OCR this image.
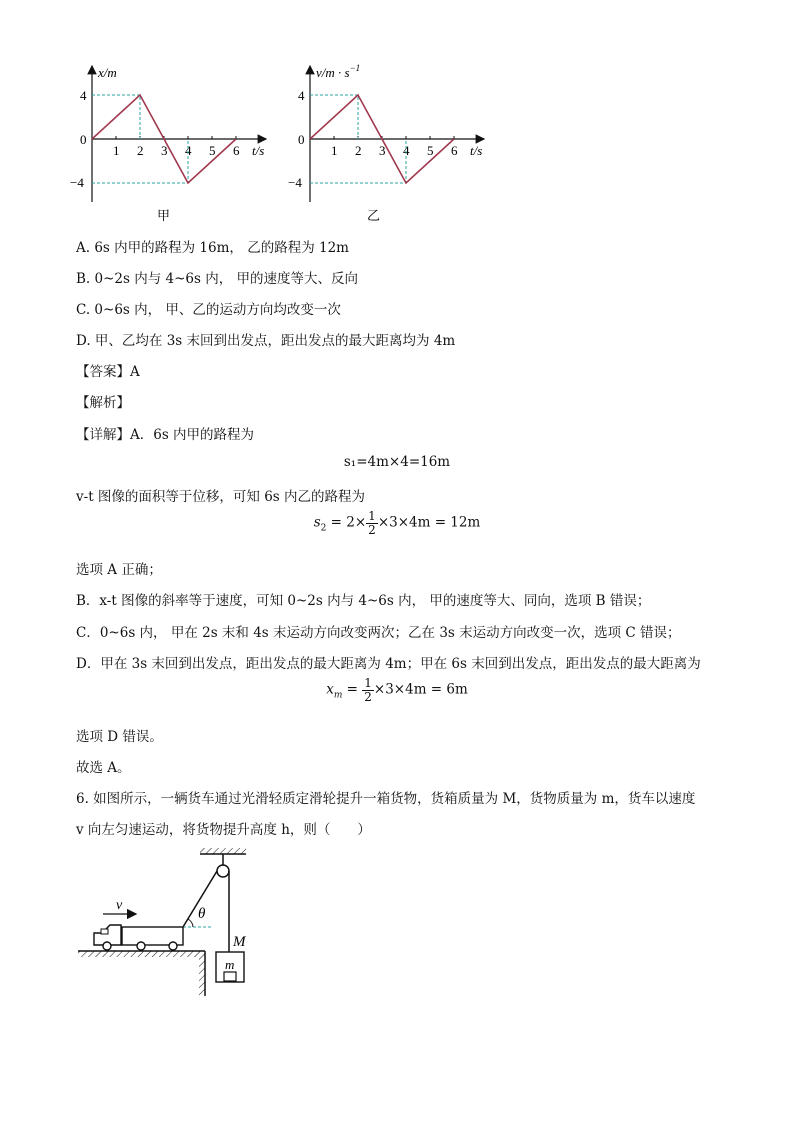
x/m
t/s
4
0
−4
1 2 3 4 5 6
甲
$v/m \cdot s^{-1}$
t/s
4
0
−4
1 2 3 4 5 6
乙
A. 6s 内甲的路程为 16m， 乙的路程为 12m
B. 0~2s 内与 4~6s 内， 甲的速度等大、反向
C. 0~6s 内， 甲、乙的运动方向均改变一次
D. 甲、乙均在 3s 末回到出发点，距出发点的最大距离均为 4m
【答案】A
【解析】
【详解】A．6s 内甲的路程为
s₁=4m×4=16m
v-t 图像的面积等于位移，可知 6s 内乙的路程为
$s_2 = 2\times \frac{1}{2} \times 3\times 4m = 12m$
选项 A 正确；
B．x-t 图像的斜率等于速度，可知 0~2s 内与 4~6s 内， 甲的速度等大、同向，选项 B 错误；
C．0~6s 内， 甲在 2s 末和 4s 末运动方向改变两次；乙在 3s 末运动方向改变一次，选项 C 错误；
D．甲在 3s 末回到出发点，距出发点的最大距离为 4m；甲在 6s 末回到出发点，距出发点的最大距离为
$x_m = \frac{1}{2} \times 3\times 4m = 6m$
选项 D 错误。
故选 A。
6. 如图所示，一辆货车通过光滑轻质定滑轮提升一箱货物，货箱质量为 M，货物质量为 m，货车以速度
v 向左匀速运动，将货物提升高度 h，则（　　）
θ
v
M
m
